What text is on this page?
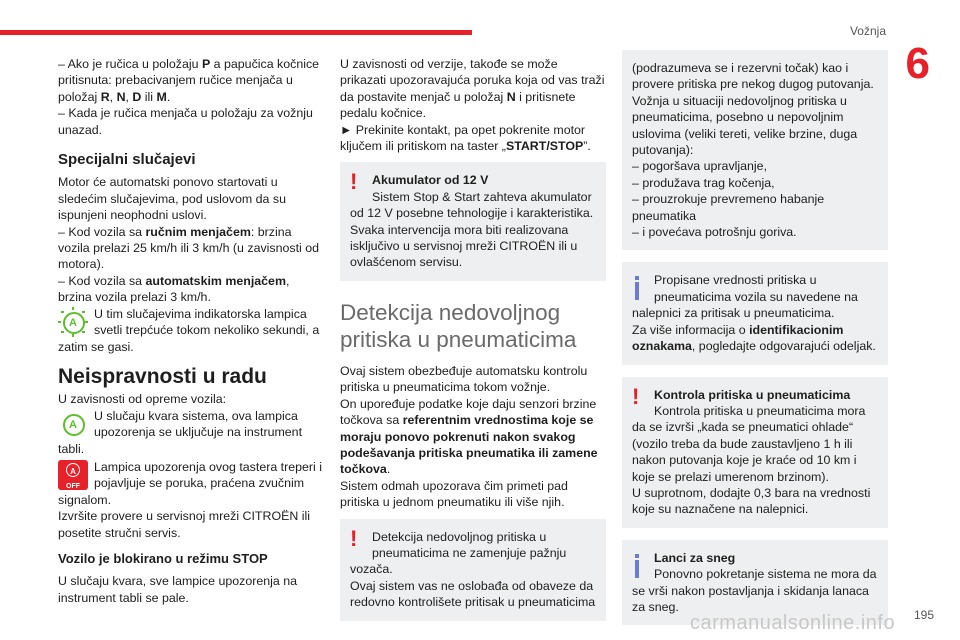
Vožnja
6

– Ako je ručica u položaju P a papučica kočnice pritisnuta: prebacivanjem ručice menjača u položaj R, N, D ili M.

– Kada je ručica menjača u položaju za vožnju unazad.

Specijalni slučajevi

Motor će automatski ponovo startovati u sledećim slučajevima, pod uslovom da su ispunjeni neophodni uslovi.

– Kod vozila sa ručnim menjačem: brzina vozila prelazi 25 km/h ili 3 km/h (u zavisnosti od motora).

– Kod vozila sa automatskim menjačem, brzina vozila prelazi 3 km/h.

A
U tim slučajevima indikatorska lampica svetli trepćuće tokom nekoliko sekundi, a zatim se gasi.
Neispravnosti u radu

U zavisnosti od opreme vozila:

A
U slučaju kvara sistema, ova lampica upozorenja se uključuje na instrument tabli.
A
OFF
Lampica upozorenja ovog tastera treperi i pojavljuje se poruka, praćena zvučnim signalom.

Izvršite provere u servisnoj mreži CITROËN ili posetite stručni servis.

Vozilo je blokirano u režimu STOP

U slučaju kvara, sve lampice upozorenja na instrument tabli se pale.

U zavisnosti od verzije, takođe se može prikazati upozoravajuća poruka koja od vas traži da postavite menjač u položaj N i pritisnete pedalu kočnice.

► Prekinite kontakt, pa opet pokrenite motor ključem ili pritiskom na taster „START/STOP”.

!	Akumulator od 12 V
Sistem Stop & Start zahteva akumulator
od 12 V posebne tehnologije i karakteristika. Svaka intervencija mora biti realizovana isključivo u servisnoj mreži CITROËN ili u ovlašćenom servisu.
Detekcija nedovoljnog pritiska u pneumaticima

Ovaj sistem obezbeđuje automatsku kontrolu pritiska u pneumaticima tokom vožnje.

On upoređuje podatke koje daju senzori brzine točkova sa referentnim vrednostima koje se moraju ponovo pokrenuti nakon svakog podešavanja pritiska pneumatika ili zamene točkova.

Sistem odmah upozorava čim primeti pad pritiska u jednom pneumatiku ili više njih.

!	Detekcija nedovoljnog pritiska u pneumaticima ne zamenjuje pažnju
vozača.
Ovaj sistem vas ne oslobađa od obaveze da redovno kontrolišete pritisak u pneumaticima

(podrazumeva se i rezervni točak) kao i provere pritiska pre nekog dugog putovanja.

Vožnja u situaciji nedovoljnog pritiska u pneumaticima, posebno u nepovoljnim uslovima (veliki tereti, velike brzine, duga putovanja):

– pogoršava upravljanje,

– produžava trag kočenja,

– prouzrokuje prevremeno habanje pneumatika

– i povećava potrošnju goriva.

Propisane vrednosti pritiska u pneumaticima vozila su navedene na
nalepnici za pritisak u pneumaticima.
Za više informacija o identifikacionim oznakama, pogledajte odgovarajući odeljak.
!	Kontrola pritiska u pneumaticima
Kontrola pritiska u pneumaticima mora
da se izvrši „kada se pneumatici ohlade“ (vozilo treba da bude zaustavljeno 1 h ili nakon putovanja koje je kraće od 10 km i koje se prelazi umerenom brzinom).
U suprotnom, dodajte 0,3 bara na vrednosti koje su naznačene na nalepnici.
Lanci za sneg
Ponovno pokretanje sistema ne mora da
se vrši nakon postavljanja i skidanja lanaca za sneg.
195
carmanualsonline.info
